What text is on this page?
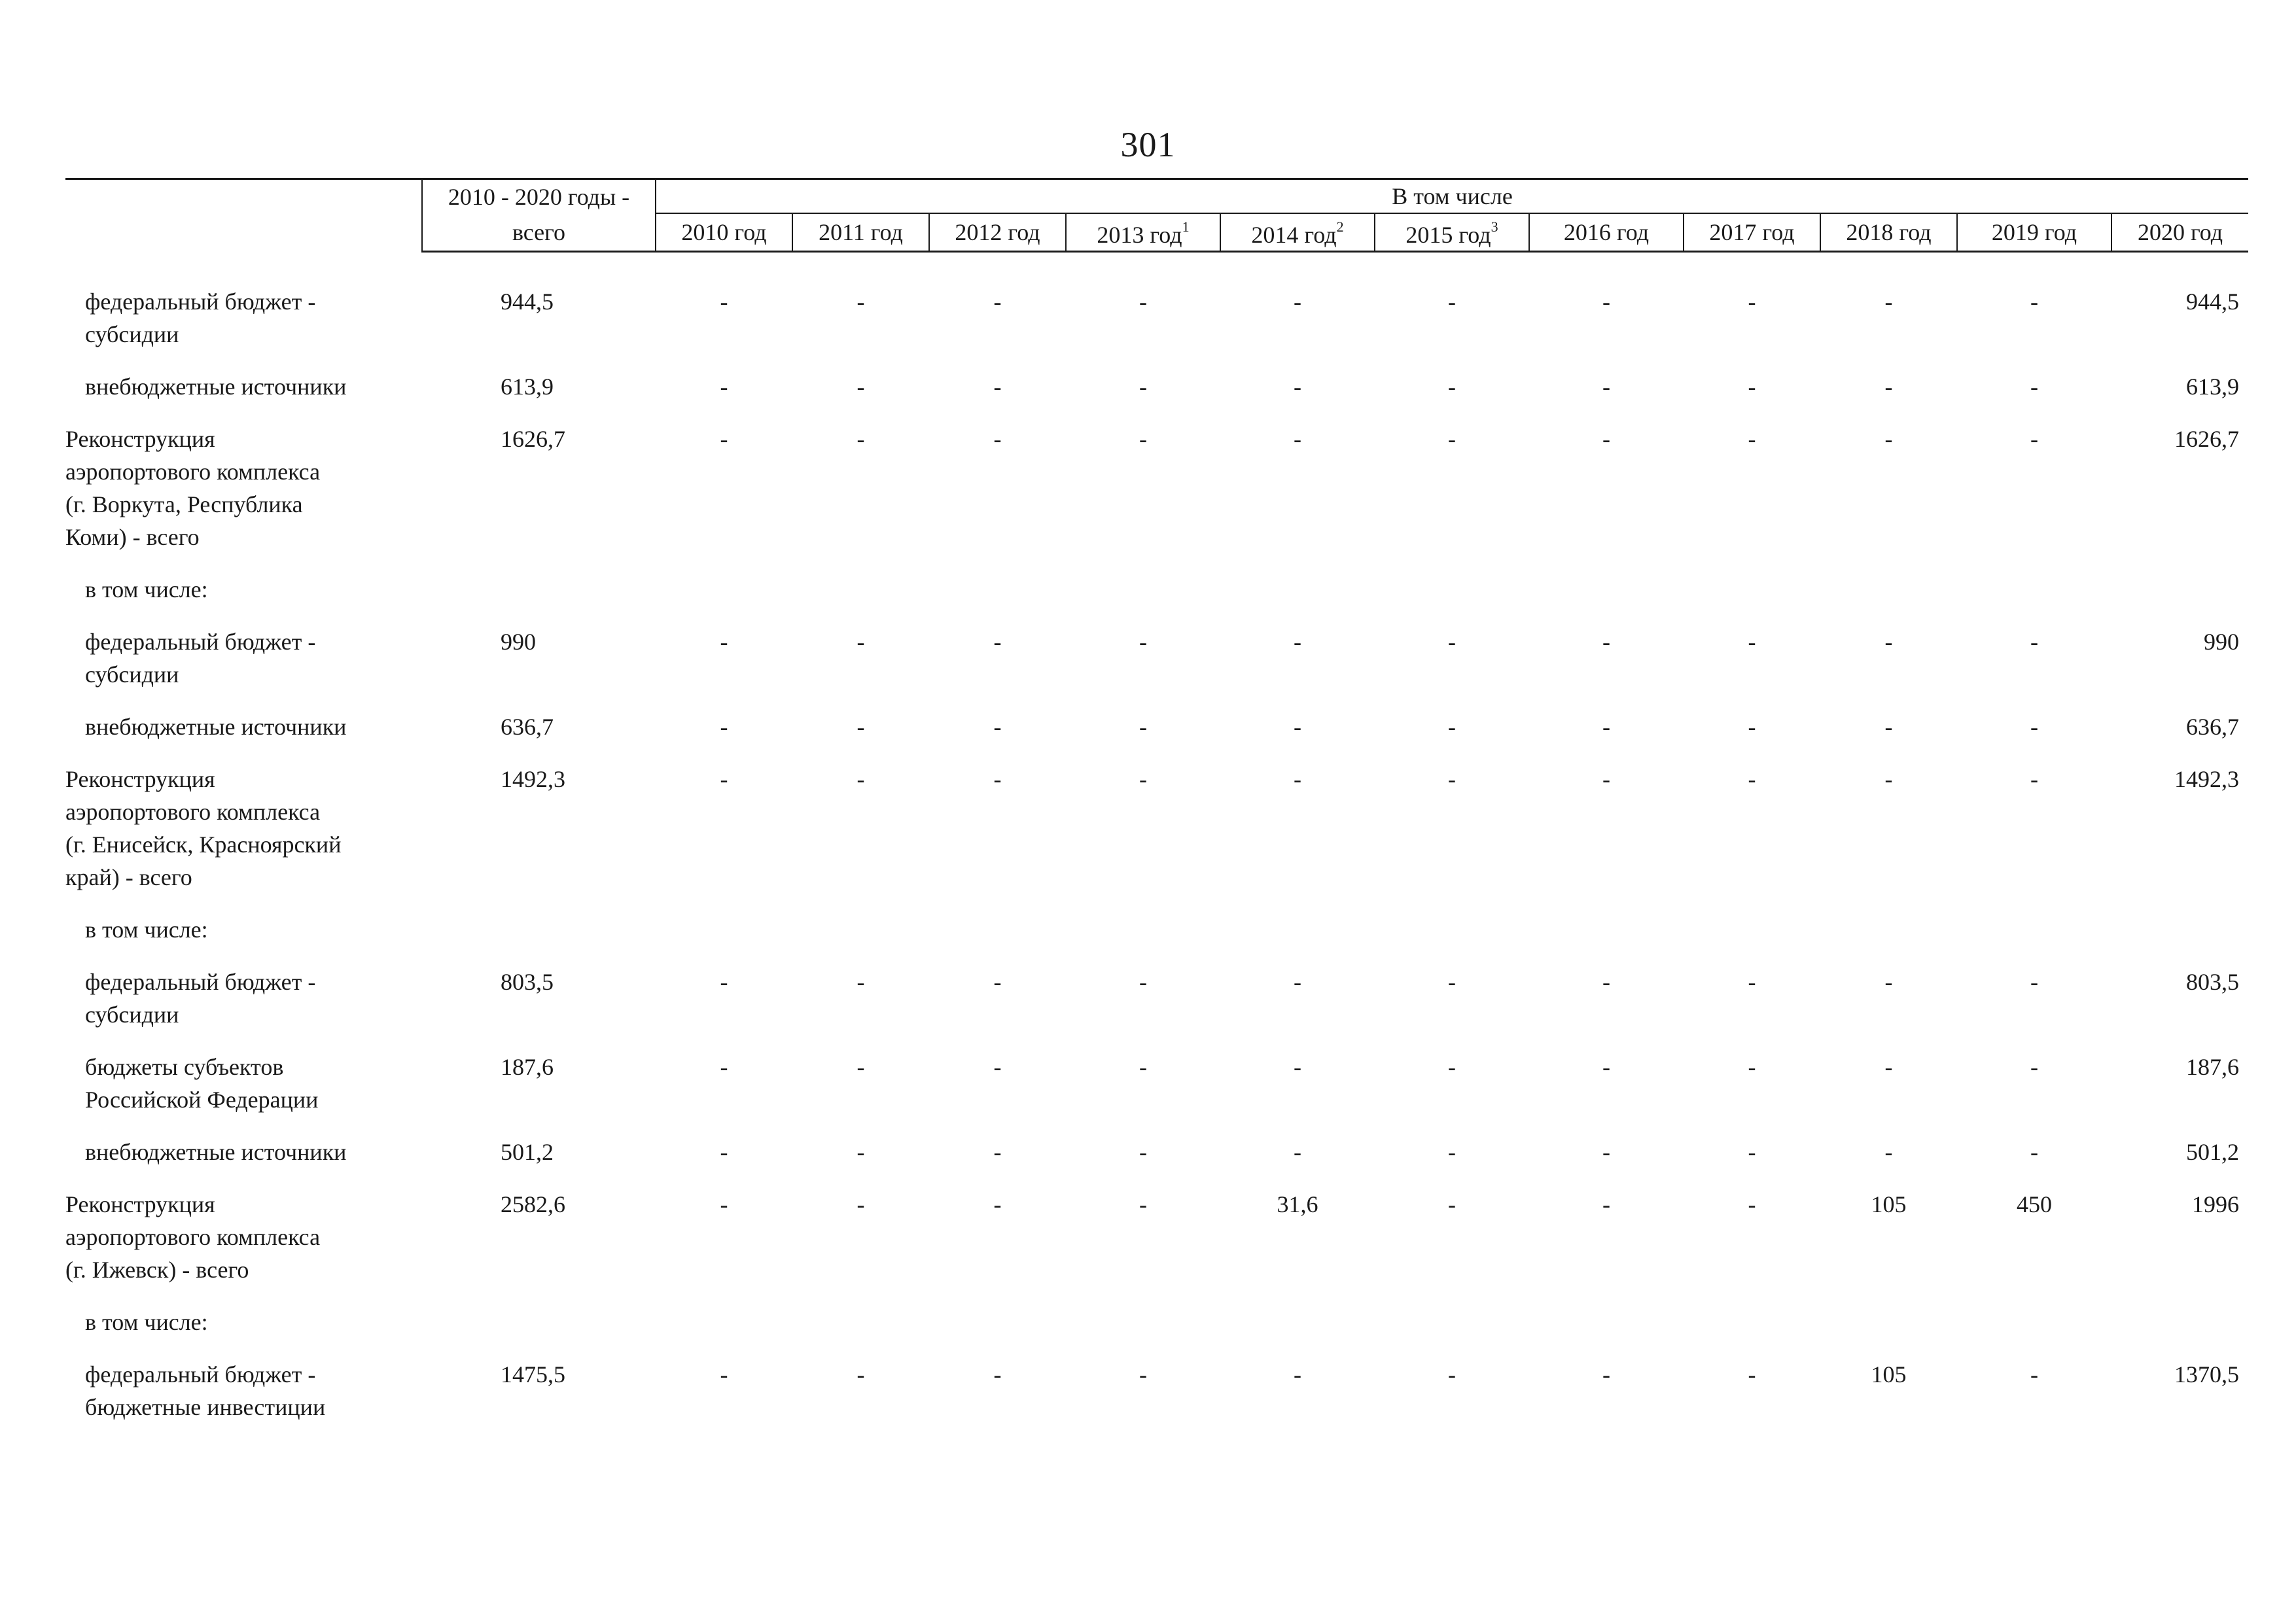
301
	2010 - 2020 годы -	В том числе										
	всего	2010 год	2011 год	2012 год	2013 год$^1$	2014 год$^2$	2015 год$^3$	2016 год	2017 год	2018 год	2019 год	2020 год

федеральный бюджет -
субсидии	944,5	-	-	-	-	-	-	-	-	-	-	944,5

внебюджетные источники	613,9	-	-	-	-	-	-	-	-	-	-	613,9

Реконструкция
аэропортового комплекса
(г. Воркута, Республика
Коми) - всего	1626,7	-	-	-	-	-	-	-	-	-	-	1626,7

в том числе:												

федеральный бюджет -
субсидии	990	-	-	-	-	-	-	-	-	-	-	990

внебюджетные источники	636,7	-	-	-	-	-	-	-	-	-	-	636,7

Реконструкция
аэропортового комплекса
(г. Енисейск, Красноярский
край) - всего	1492,3	-	-	-	-	-	-	-	-	-	-	1492,3

в том числе:												

федеральный бюджет -
субсидии	803,5	-	-	-	-	-	-	-	-	-	-	803,5

бюджеты субъектов
Российской Федерации	187,6	-	-	-	-	-	-	-	-	-	-	187,6

внебюджетные источники	501,2	-	-	-	-	-	-	-	-	-	-	501,2

Реконструкция
аэропортового комплекса
(г. Ижевск) - всего	2582,6	-	-	-	-	31,6	-	-	-	105	450	1996

в том числе:												

федеральный бюджет -
бюджетные инвестиции	1475,5	-	-	-	-	-	-	-	-	105	-	1370,5
